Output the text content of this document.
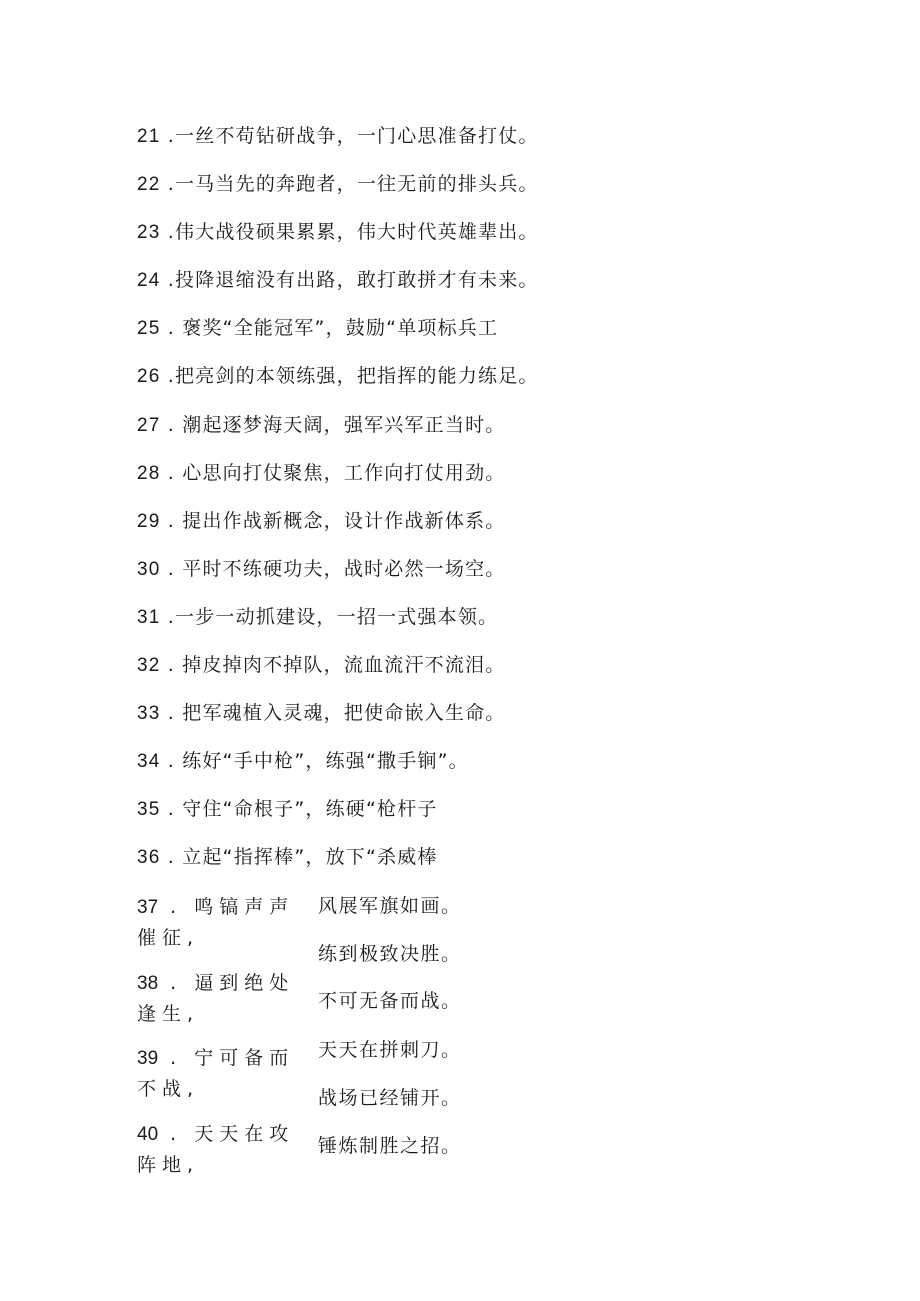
21 .一丝不苟钻研战争，一门心思准备打仗。
22 .一马当先的奔跑者，一往无前的排头兵。
23 .伟大战役硕果累累，伟大时代英雄辈出。
24 .投降退缩没有出路，敢打敢拼才有未来。
25 . 褒奖“全能冠军”，鼓励“单项标兵工
26 .把亮剑的本领练强，把指挥的能力练足。
27 . 潮起逐梦海天阔，强军兴军正当时。
28 . 心思向打仗聚焦，工作向打仗用劲。
29 . 提出作战新概念，设计作战新体系。
30 . 平时不练硬功夫，战时必然一场空。
31 .一步一动抓建设，一招一式强本领。
32 . 掉皮掉肉不掉队，流血流汗不流泪。
33 . 把军魂植入灵魂，把使命嵌入生命。
34 . 练好“手中枪”，练强“撒手锏”。
35 . 守住“命根子”，练硬“枪杆子
36 . 立起“指挥棒”，放下“杀威棒
37 . 鸣镐声声催征,
38 . 逼到绝处逢生,
39 . 宁可备而不战,
40 . 天天在攻阵地,
风展军旗如画。
练到极致决胜。
不可无备而战。
天天在拼刺刀。
战场已经铺开。
锤炼制胜之招。
